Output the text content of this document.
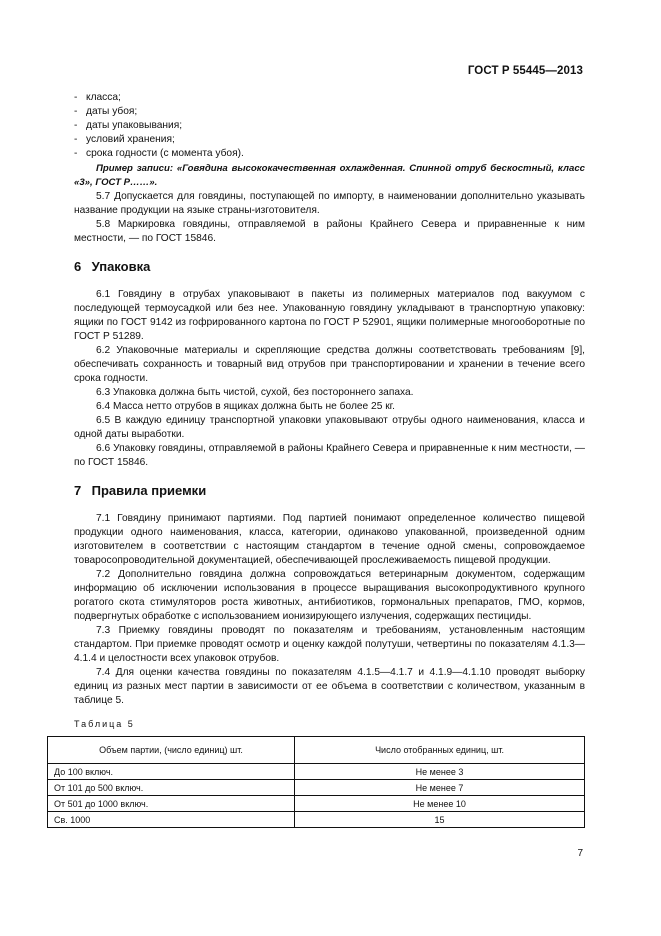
ГОСТ Р 55445—2013
- класса;
- даты убоя;
- даты упаковывания;
- условий хранения;
- срока годности (с момента убоя).
Пример записи: «Говядина высококачественная охлажденная. Спинной отруб бескостный, класс «3», ГОСТ Р……».
5.7 Допускается для говядины, поступающей по импорту, в наименовании дополнительно указывать название продукции на языке страны-изготовителя.
5.8 Маркировка говядины, отправляемой в районы Крайнего Севера и приравненные к ним местности, — по ГОСТ 15846.
6 Упаковка
6.1 Говядину в отрубах упаковывают в пакеты из полимерных материалов под вакуумом с последующей термоусадкой или без нее. Упакованную говядину укладывают в транспортную упаковку: ящики по ГОСТ 9142 из гофрированного картона по ГОСТ Р 52901, ящики полимерные многооборотные по ГОСТ Р 51289.
6.2 Упаковочные материалы и скрепляющие средства должны соответствовать требованиям [9], обеспечивать сохранность и товарный вид отрубов при транспортировании и хранении в течение всего срока годности.
6.3 Упаковка должна быть чистой, сухой, без постороннего запаха.
6.4 Масса нетто отрубов в ящиках должна быть не более 25 кг.
6.5 В каждую единицу транспортной упаковки упаковывают отрубы одного наименования, класса и одной даты выработки.
6.6 Упаковку говядины, отправляемой в районы Крайнего Севера и приравненные к ним местности, — по ГОСТ 15846.
7 Правила приемки
7.1 Говядину принимают партиями. Под партией понимают определенное количество пищевой продукции одного наименования, класса, категории, одинаково упакованной, произведенной одним изготовителем в соответствии с настоящим стандартом в течение одной смены, сопровождаемое товаросопроводительной документацией, обеспечивающей прослеживаемость пищевой продукции.
7.2 Дополнительно говядина должна сопровождаться ветеринарным документом, содержащим информацию об исключении использования в процессе выращивания высокопродуктивного крупного рогатого скота стимуляторов роста животных, антибиотиков, гормональных препаратов, ГМО, кормов, подвергнутых обработке с использованием ионизирующего излучения, содержащих пестициды.
7.3 Приемку говядины проводят по показателям и требованиям, установленным настоящим стандартом. При приемке проводят осмотр и оценку каждой полутуши, четвертины по показателям 4.1.3—4.1.4 и целостности всех упаковок отрубов.
7.4 Для оценки качества говядины по показателям 4.1.5—4.1.7 и 4.1.9—4.1.10 проводят выборку единиц из разных мест партии в зависимости от ее объема в соответствии с количеством, указанным в таблице 5.
Таблица 5
Объем партии, (число единиц) шт.	Число отобранных единиц, шт.
До 100 включ.	Не менее 3
От 101 до 500 включ.	Не менее 7
От 501 до 1000 включ.	Не менее 10
Св. 1000	15
7
